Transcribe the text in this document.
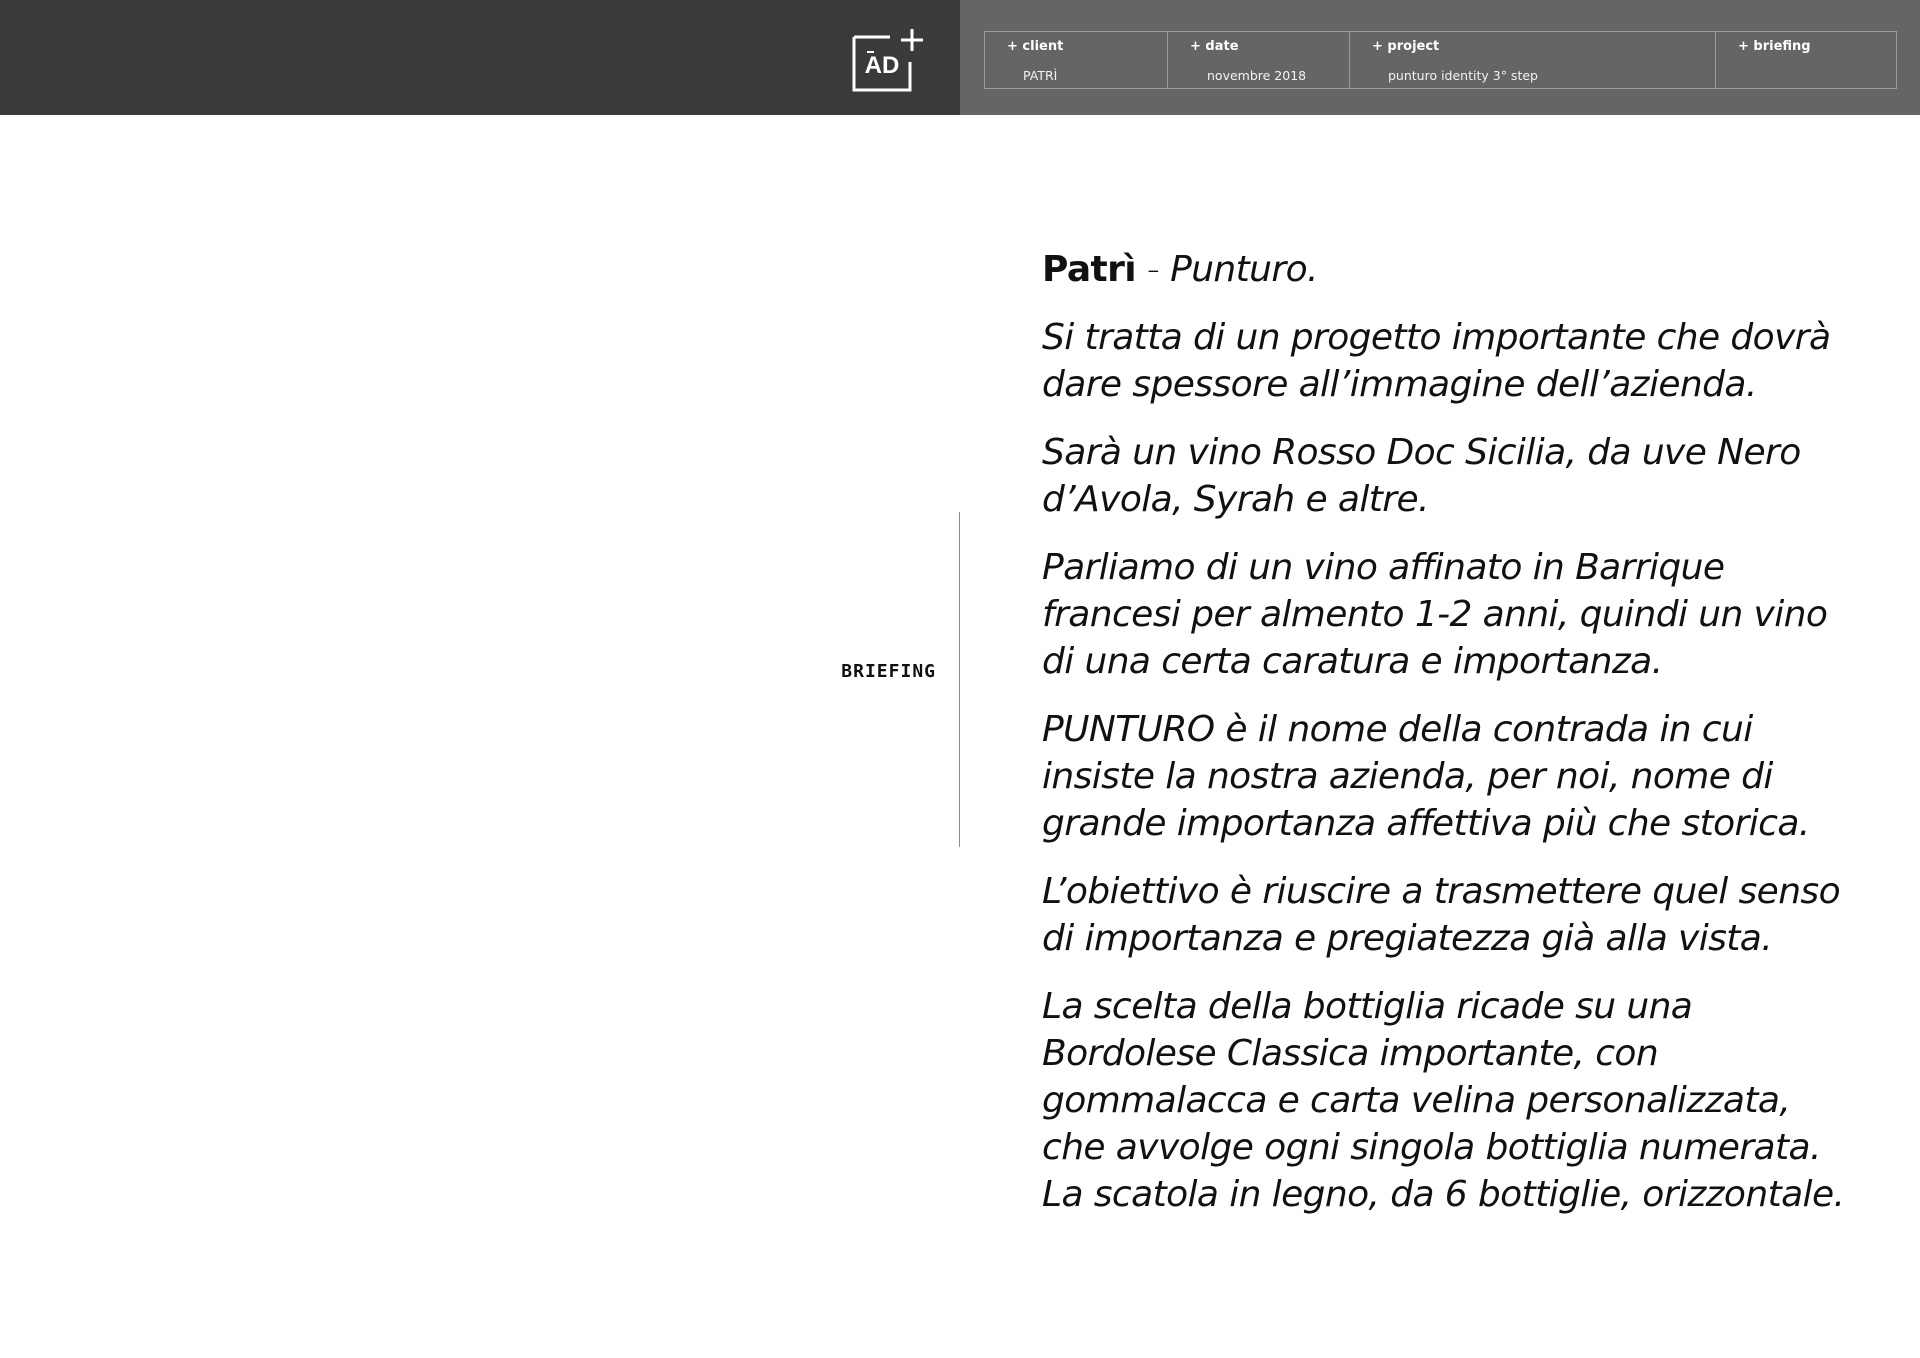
AD
+ client
PATRÌ
+ date
novembre 2018
+ project
punturo identity 3° step
+ briefing
BRIEFING

Patrì - Punturo.

Si tratta di un progetto importante che dovrà dare spessore all’immagine dell’azienda.

Sarà un vino Rosso Doc Sicilia, da uve Nero d’Avola, Syrah e altre.

Parliamo di un vino affinato in Barrique francesi per almento 1-2 anni, quindi un vino di una certa caratura e importanza.

PUNTURO è il nome della contrada in cui insiste la nostra azienda, per noi, nome di grande importanza affettiva più che storica.

L’obiettivo è riuscire a trasmettere quel senso di importanza e pregiatezza già alla vista.

La scelta della bottiglia ricade su una Bordolese Classica importante, con gommalacca e carta velina personalizzata, che avvolge ogni singola bottiglia numerata. La scatola in legno, da 6 bottiglie, orizzontale.
